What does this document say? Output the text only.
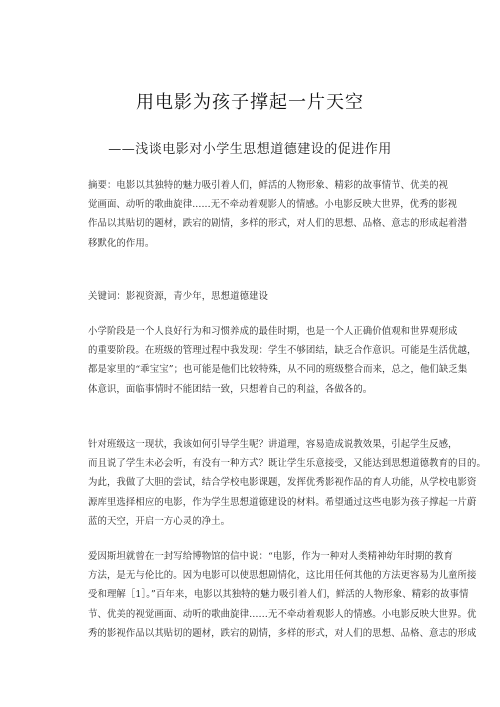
用电影为孩子撑起一片天空
——浅谈电影对小学生思想道德建设的促进作用
摘要：电影以其独特的魅力吸引着人们，鲜活的人物形象、精彩的故事情节、优美的视
觉画面、动听的歌曲旋律......无不牵动着观影人的情感。小电影反映大世界，优秀的影视
作品以其贴切的题材，跌宕的剧情，多样的形式，对人们的思想、品格、意志的形成起着潜
移默化的作用。
关键词：影视资源，青少年，思想道德建设
小学阶段是一个人良好行为和习惯养成的最佳时期，也是一个人正确价值观和世界观形成
的重要阶段。在班级的管理过程中我发现：学生不够团结，缺乏合作意识。可能是生活优越，
都是家里的“乖宝宝”；也可能是他们比较特殊，从不同的班级整合而来，总之，他们缺乏集
体意识，面临事情时不能团结一致，只想着自己的利益，各做各的。
针对班级这一现状，我该如何引导学生呢？讲道理，容易造成说教效果，引起学生反感，
而且说了学生未必会听，有没有一种方式？既让学生乐意接受，又能达到思想道德教育的目的。
为此，我做了大胆的尝试，结合学校电影课题，发挥优秀影视作品的育人功能，从学校电影资
源库里选择相应的电影，作为学生思想道德建设的材料。希望通过这些电影为孩子撑起一片蔚
蓝的天空，开启一方心灵的净土。
爱因斯坦就曾在一封写给博物馆的信中说：“电影，作为一种对人类精神幼年时期的教育
方法，是无与伦比的。因为电影可以使思想剧情化，这比用任何其他的方法更容易为儿童所接
受和理解［1］。”百年来，电影以其独特的魅力吸引着人们，鲜活的人物形象、精彩的故事情
节、优美的视觉画面、动听的歌曲旋律……无不牵动着观影人的情感。小电影反映大世界。优
秀的影视作品以其贴切的题材，跌宕的剧情，多样的形式，对人们的思想、品格、意志的形成
